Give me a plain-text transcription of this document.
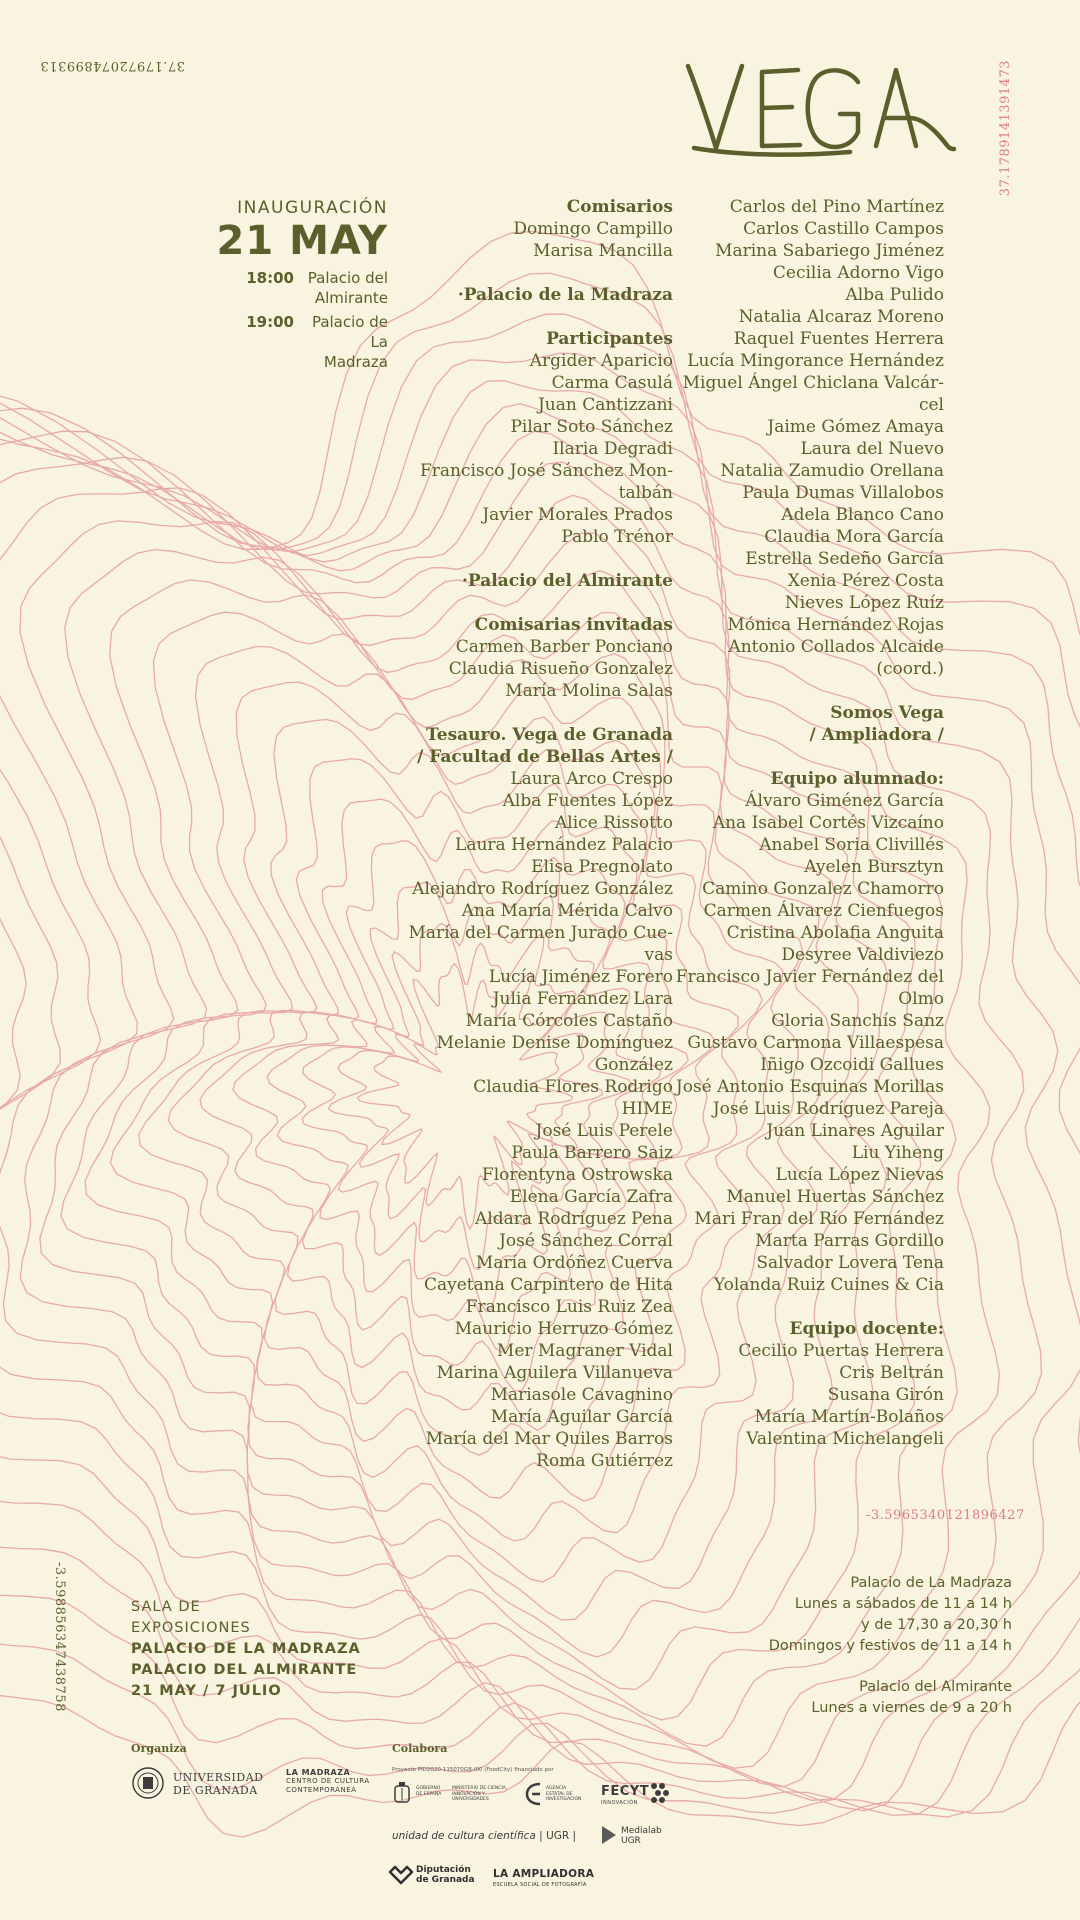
37.179720748993​13	37.1789141391473
-3.598856347438758
-3.5965340121896427
INAUGURACIÓN
21 MAY
18:00 Palacio del Almirante
19:00	Palacio de La Madraza
Comisarios
Domingo Campillo
Marisa Mancilla
·Palacio de la Madraza
Participantes
Argider Aparicio
Carma Casulá
Juan Cantizzani
Pilar Soto Sánchez
Ilaria Degradi
Francisco José Sánchez Mon-
talbán
Javier Morales Prados
Pablo Trénor
·Palacio del Almirante
Comisarias invitadas
Carmen Barber Ponciano
Claudia Risueño Gonzalez
María Molina Salas
Tesauro. Vega de Granada
/ Facultad de Bellas Artes /
Laura Arco Crespo
Alba Fuentes López
Alice Rissotto
Laura Hernández Palacio
Elisa Pregnolato
Alejandro Rodríguez González
Ana María Mérida Calvo
María del Carmen Jurado Cue-
vas
Lucía Jiménez Forero
Julia Fernández Lara
María Córcoles Castaño
Melanie Denise Domínguez
González
Claudia Flores Rodrigo
HIME
José Luis Perele
Paula Barrero Saiz
Florentyna Ostrowska
Elena García Zafra
Aldara Rodríguez Pena
José Sánchez Corral
María Ordóñez Cuerva
Cayetana Carpintero de Hita
Francisco Luis Ruiz Zea
Mauricio Herruzo Gómez
Mer Magraner Vidal
Marina Aguilera Villanueva
Mariasole Cavagnino
María Aguilar García
María del Mar Quiles Barros
Roma Gutiérrez
Carlos del Pino Martínez
Carlos Castillo Campos
Marina Sabariego Jiménez
Cecilia Adorno Vigo
Alba Pulido
Natalia Alcaraz Moreno
Raquel Fuentes Herrera
Lucía Mingorance Hernández
Miguel Ángel Chiclana Valcár-
cel
Jaime Gómez Amaya
Laura del Nuevo
Natalia Zamudio Orellana
Paula Dumas Villalobos
Adela Blanco Cano
Claudia Mora García
Estrella Sedeño García
Xenia Pérez Costa
Nieves López Ruíz
Mónica Hernández Rojas
Antonio Collados Alcaide
(coord.)
Somos Vega
/ Ampliadora /
Equipo alumnado:
Álvaro Giménez García
Ana Isabel Cortés Vizcaíno
Anabel Soria Clivillés
Ayelen Bursztyn
Camino Gonzalez Chamorro
Carmen Álvarez Cienfuegos
Cristina Abolafia Anguita
Desyree Valdiviezo
Francisco Javier Fernández del
Olmo
Gloria Sanchís Sanz
Gustavo Carmona Villaespesa
Iñigo Ozcoidi Gallues
José Antonio Esquinas Morillas
José Luis Rodríguez Pareja
Juan Linares Aguilar
Liu Yiheng
Lucía López Nievas
Manuel Huertas Sánchez
Mari Fran del Río Fernández
Marta Parras Gordillo
Salvador Lovera Tena
Yolanda Ruiz Cuines & Cia
Equipo docente:
Cecilio Puertas Herrera
Cris Beltrán
Susana Girón
María Martín-Bolaños
Valentina Michelangeli
Palacio de La Madraza
Lunes a sábados de 11 a 14 h
y de 17,30 a 20,30 h
Domingos y festivos de 11 a 14 h
Palacio del Almirante
Lunes a viernes de 9 a 20 h
SALA DE
EXPOSICIONES
PALACIO DE LA MADRAZA
PALACIO DEL ALMIRANTE
21 MAY / 7 JULIO
Organiza	Colabora
UNIVERSIDAD
DE GRANADA
LA MADRAZA
CENTRO DE CULTURA
CONTEMPORÁNEA
Proyecto PID2020-115070GB-I00 (FoodCity) financiado por
GOBIERNO DE ESPAÑA
MINISTERIO DE CIENCIA, INNOVACIÓN Y UNIVERSIDADES
AGENCIA ESTATAL DE INVESTIGACIÓN
FECYT
INNOVACIÓN
unidad de cultura científica | UGR |	Medialab
UGR
Diputación
de Granada LA AMPLIADORA
ESCUELA SOCIAL DE FOTOGRAFÍA
